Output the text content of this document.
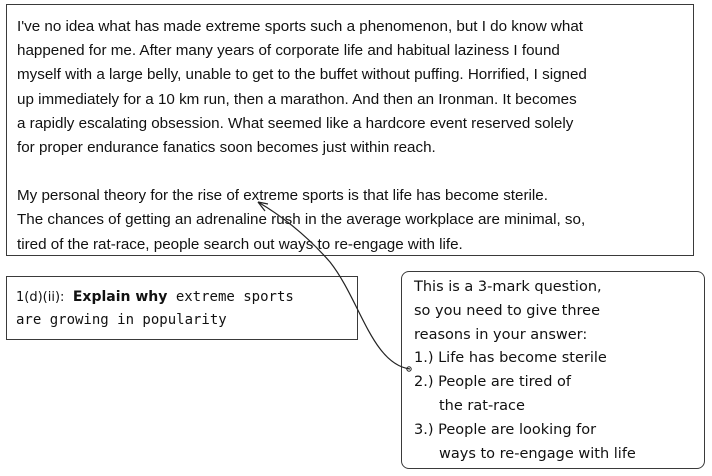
I've no idea what has made extreme sports such a phenomenon, but I do know what
happened for me. After many years of corporate life and habitual laziness I found
myself with a large belly, unable to get to the buffet without puffing. Horrified, I signed
up immediately for a 10 km run, then a marathon. And then an Ironman. It becomes
a rapidly escalating obsession. What seemed like a hardcore event reserved solely
for proper endurance fanatics soon becomes just within reach.

My personal theory for the rise of extreme sports is that life has become sterile.
The chances of getting an adrenaline rush in the average workplace are minimal, so,
tired of the rat-race, people search out ways to re-engage with life.

1(d)(ii): Explain why extreme sports
are growing in popularity
This is a 3-mark question,
so you need to give three
reasons in your answer:
1.) Life has become sterile
2.) People are tired of
the rat-race
3.) People are looking for
ways to re-engage with life
